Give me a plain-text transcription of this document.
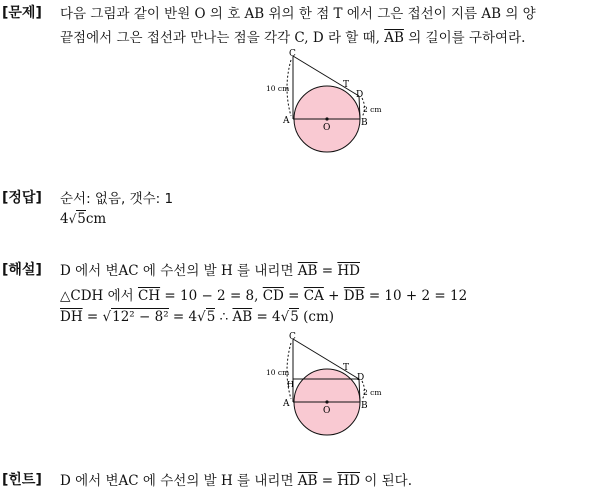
[문제] 다음 그림과 같이 반원 O 의 호 AB 위의 한 점 T 에서 그은 접선이 지름 AB 의 양
끝점에서 그은 접선과 만나는 점을 각각 C, D 라 할 때, $\overline{AB}$ 의 길이를 구하여라.
C
T
D
A	B
O
10 cm
2 cm
[정답] 순서: 없음, 갯수: 1
4√5cm
[해설] D 에서 변AC 에 수선의 발 H 를 내리면 $\overline{AB} = \overline{HD}$
△CDH 에서 $\overline{CH} = 10 - 2 = 8$, $\overline{CD} = \overline{CA} + \overline{DB} = 10 + 2 = 12$
$\overline{DH} = √12^2 - 8^2 = 4√5$ ∴ $\overline{AB} = 4√5$ (cm)
C
T
D
H
A	B
O
10 cm
2 cm
[힌트] D 에서 변AC 에 수선의 발 H 를 내리면 $\overline{AB} = \overline{HD}$ 이 된다.
